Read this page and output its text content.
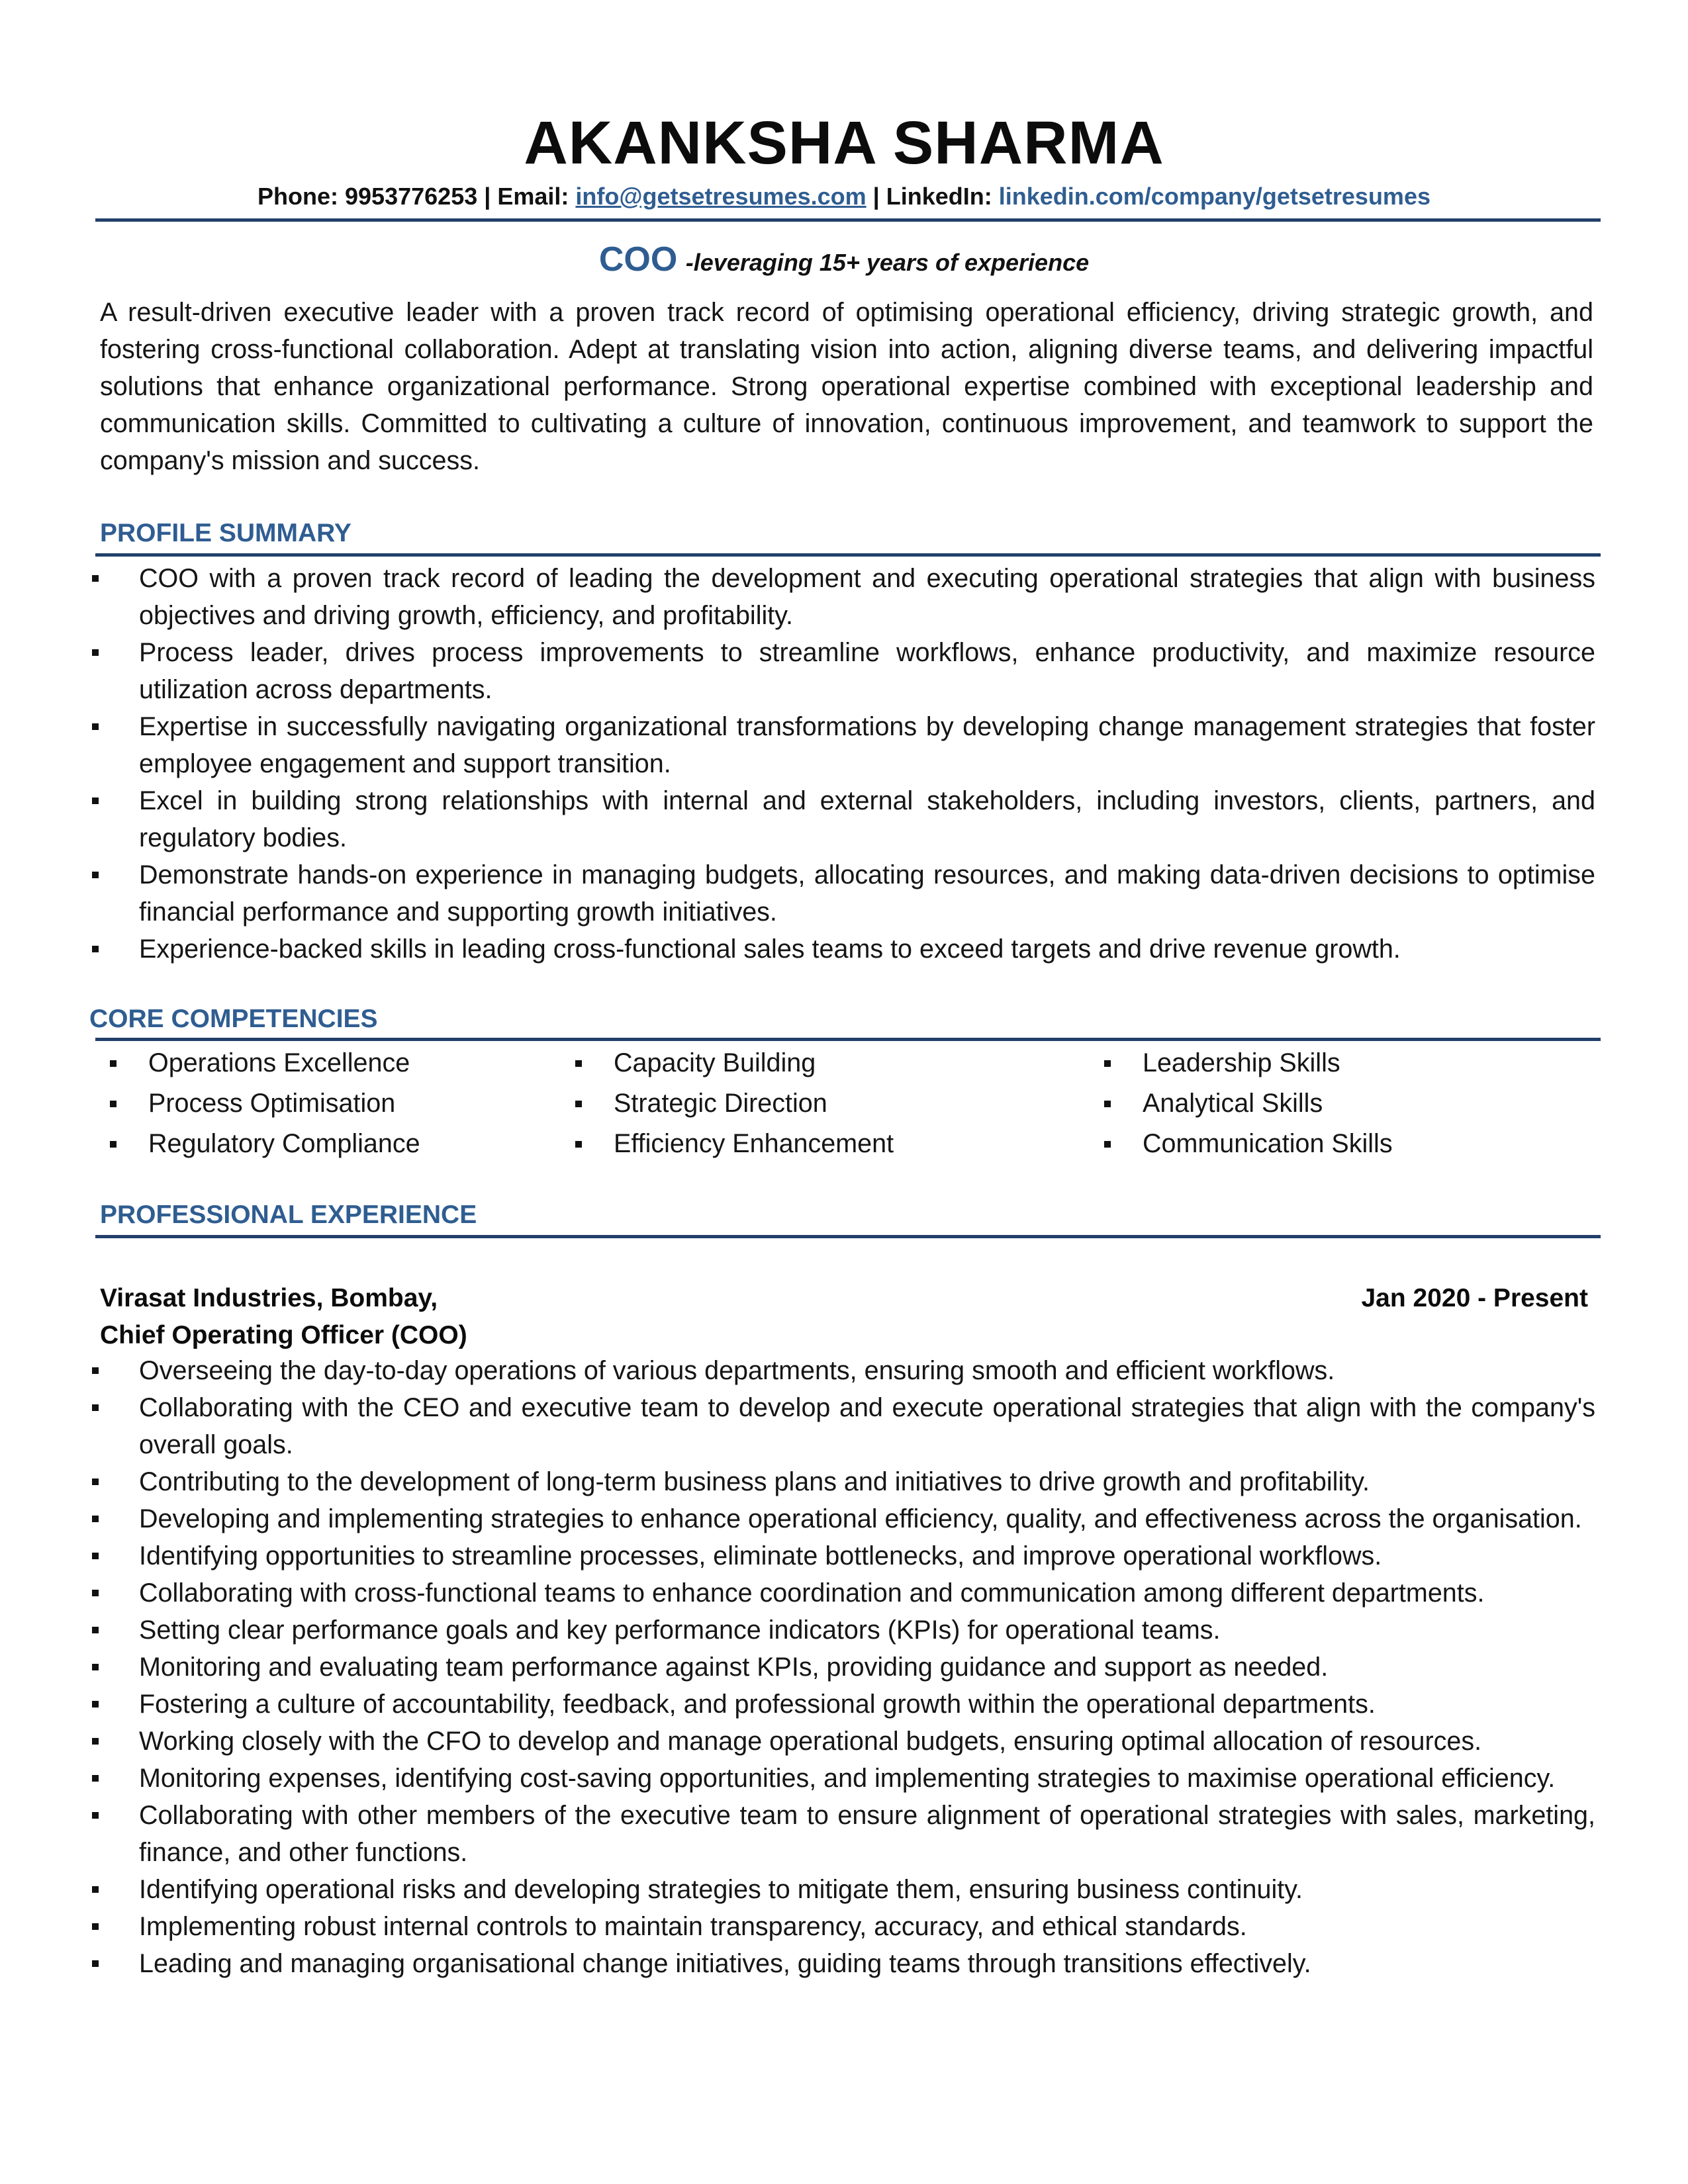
AKANKSHA SHARMA
Phone: 9953776253 | Email: info@getsetresumes.com | LinkedIn: linkedin.com/company/getsetresumes
COO -leveraging 15+ years of experience

A result-driven executive leader with a proven track record of optimising operational efficiency, driving strategic growth, and fostering cross-functional collaboration. Adept at translating vision into action, aligning diverse teams, and delivering impactful solutions that enhance organizational performance. Strong operational expertise combined with exceptional leadership and communication skills. Committed to cultivating a culture of innovation, continuous improvement, and teamwork to support the company's mission and success.

PROFILE SUMMARY
COO with a proven track record of leading the development and executing operational strategies that align with business objectives and driving growth, efficiency, and profitability.
Process leader, drives process improvements to streamline workflows, enhance productivity, and maximize resource utilization across departments.
Expertise in successfully navigating organizational transformations by developing change management strategies that foster employee engagement and support transition.
Excel in building strong relationships with internal and external stakeholders, including investors, clients, partners, and regulatory bodies.
Demonstrate hands-on experience in managing budgets, allocating resources, and making data-driven decisions to optimise financial performance and supporting growth initiatives.
Experience-backed skills in leading cross-functional sales teams to exceed targets and drive revenue growth.
CORE COMPETENCIES
Operations Excellence
Process Optimisation
Regulatory Compliance
Capacity Building
Strategic Direction
Efficiency Enhancement
Leadership Skills
Analytical Skills
Communication Skills
PROFESSIONAL EXPERIENCE
Virasat Industries, Bombay,	Jan 2020 - Present
Chief Operating Officer (COO)
Overseeing the day-to-day operations of various departments, ensuring smooth and efficient workflows.
Collaborating with the CEO and executive team to develop and execute operational strategies that align with the company's overall goals.
Contributing to the development of long-term business plans and initiatives to drive growth and profitability.
Developing and implementing strategies to enhance operational efficiency, quality, and effectiveness across the organisation.
Identifying opportunities to streamline processes, eliminate bottlenecks, and improve operational workflows.
Collaborating with cross-functional teams to enhance coordination and communication among different departments.
Setting clear performance goals and key performance indicators (KPIs) for operational teams.
Monitoring and evaluating team performance against KPIs, providing guidance and support as needed.
Fostering a culture of accountability, feedback, and professional growth within the operational departments.
Working closely with the CFO to develop and manage operational budgets, ensuring optimal allocation of resources.
Monitoring expenses, identifying cost-saving opportunities, and implementing strategies to maximise operational efficiency.
Collaborating with other members of the executive team to ensure alignment of operational strategies with sales, marketing, finance, and other functions.
Identifying operational risks and developing strategies to mitigate them, ensuring business continuity.
Implementing robust internal controls to maintain transparency, accuracy, and ethical standards.
Leading and managing organisational change initiatives, guiding teams through transitions effectively.
